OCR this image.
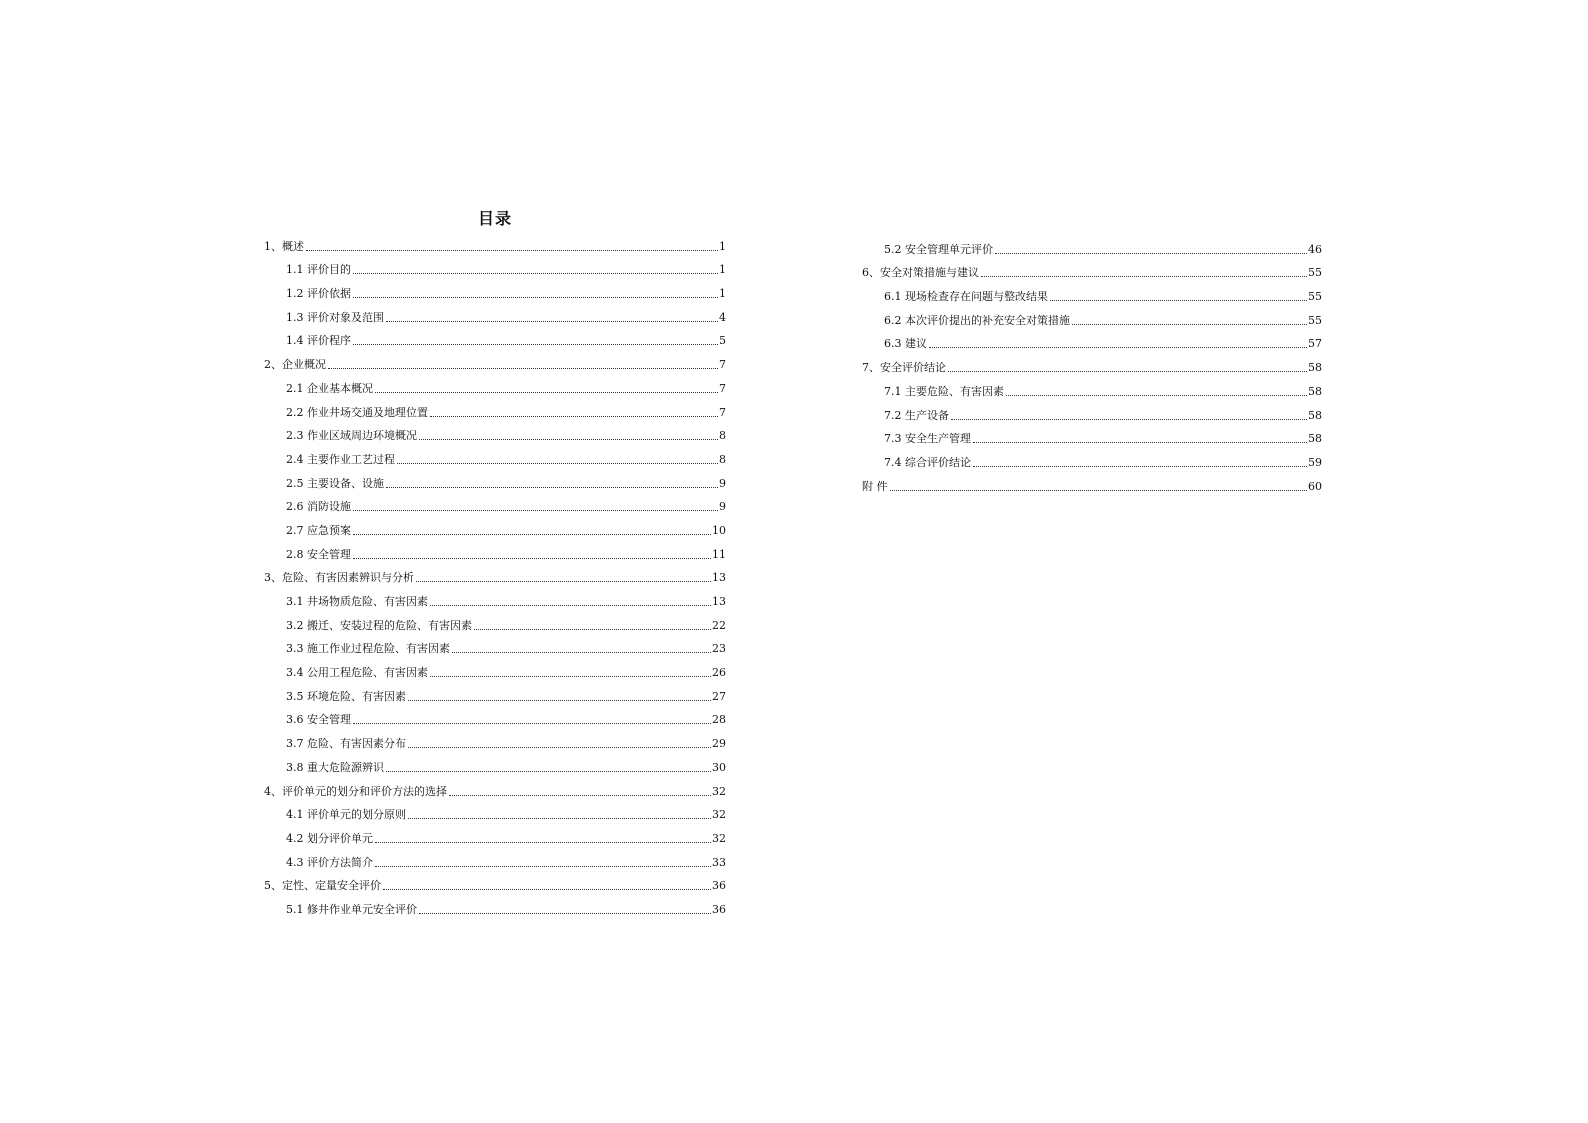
目录
1、概述	1
1.1 评价目的	1
1.2 评价依据	1
1.3 评价对象及范围	4
1.4 评价程序	5
2、企业概况	7
2.1 企业基本概况	7
2.2 作业井场交通及地理位置	7
2.3 作业区域周边环境概况	8
2.4 主要作业工艺过程	8
2.5 主要设备、设施	9
2.6 消防设施	9
2.7 应急预案	10
2.8 安全管理	11
3、危险、有害因素辨识与分析	13
3.1 井场物质危险、有害因素	13
3.2 搬迁、安装过程的危险、有害因素	22
3.3 施工作业过程危险、有害因素	23
3.4 公用工程危险、有害因素	26
3.5 环境危险、有害因素	27
3.6 安全管理	28
3.7 危险、有害因素分布	29
3.8 重大危险源辨识	30
4、评价单元的划分和评价方法的选择	32
4.1 评价单元的划分原则	32
4.2 划分评价单元	32
4.3 评价方法简介	33
5、定性、定量安全评价	36
5.1 修井作业单元安全评价	36
5.2 安全管理单元评价	46
6、安全对策措施与建议	55
6.1 现场检查存在问题与整改结果	55
6.2 本次评价提出的补充安全对策措施	55
6.3 建议	57
7、安全评价结论	58
7.1 主要危险、有害因素	58
7.2 生产设备	58
7.3 安全生产管理	58
7.4 综合评价结论	59
附 件	60
